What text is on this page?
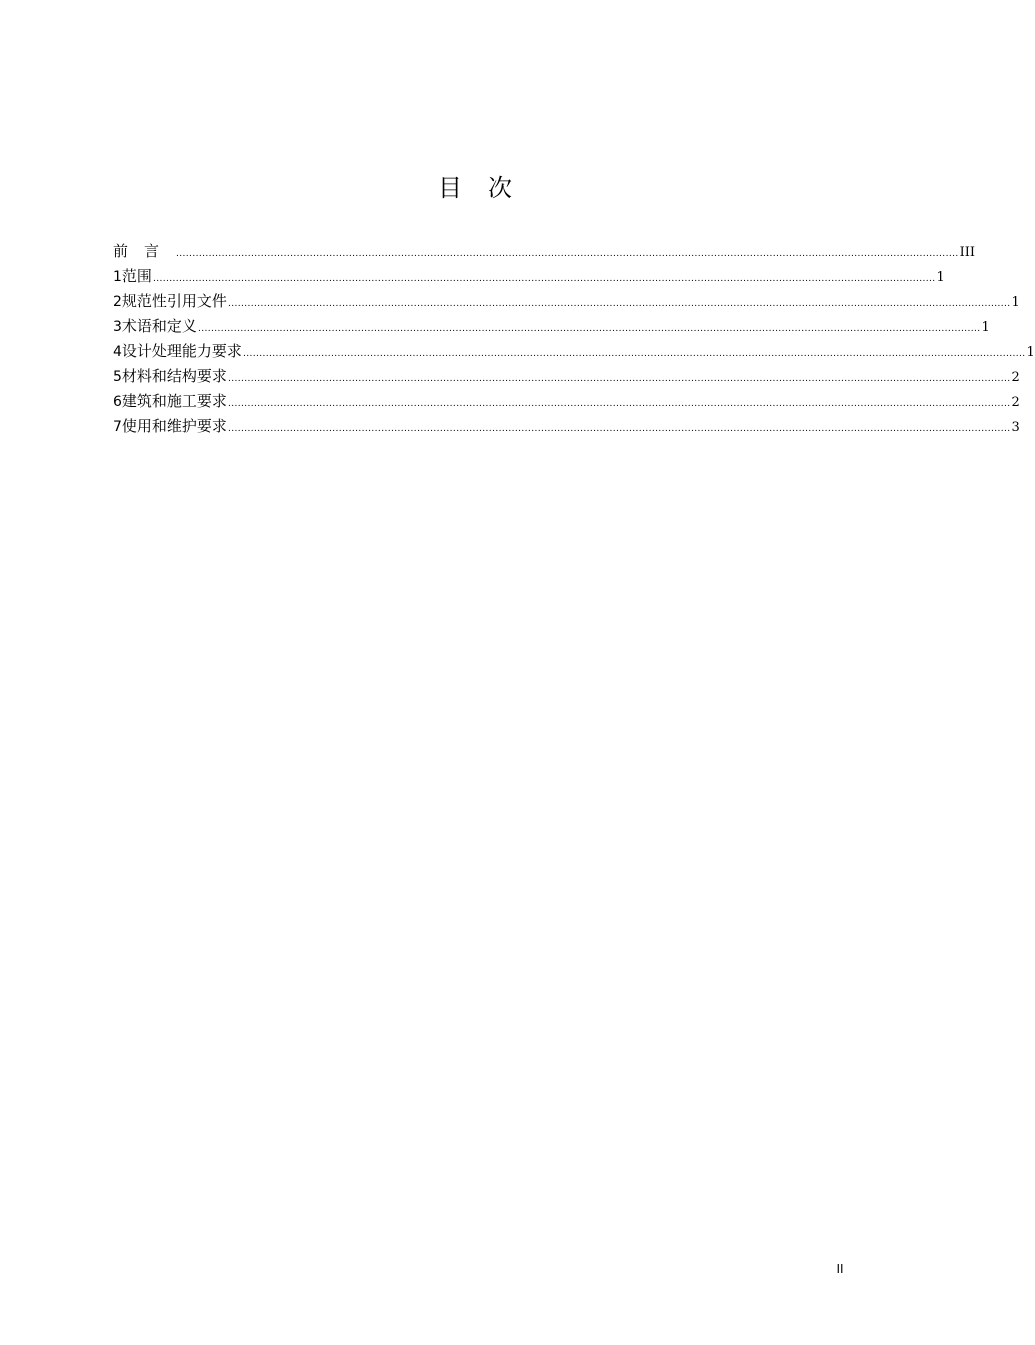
目 次
前言 ................................................................................................................................................................................................................................................ III
1 范围 ................................................................................................................................................................................................................................................ 1
2 规范性引用文件 ................................................................................................................................................................................................................................................ 1
3 术语和定义 ................................................................................................................................................................................................................................................ 1
4 设计处理能力要求 ................................................................................................................................................................................................................................................ 1
5 材料和结构要求 ................................................................................................................................................................................................................................................ 2
6 建筑和施工要求 ................................................................................................................................................................................................................................................ 2
7 使用和维护要求 ................................................................................................................................................................................................................................................ 3
II
